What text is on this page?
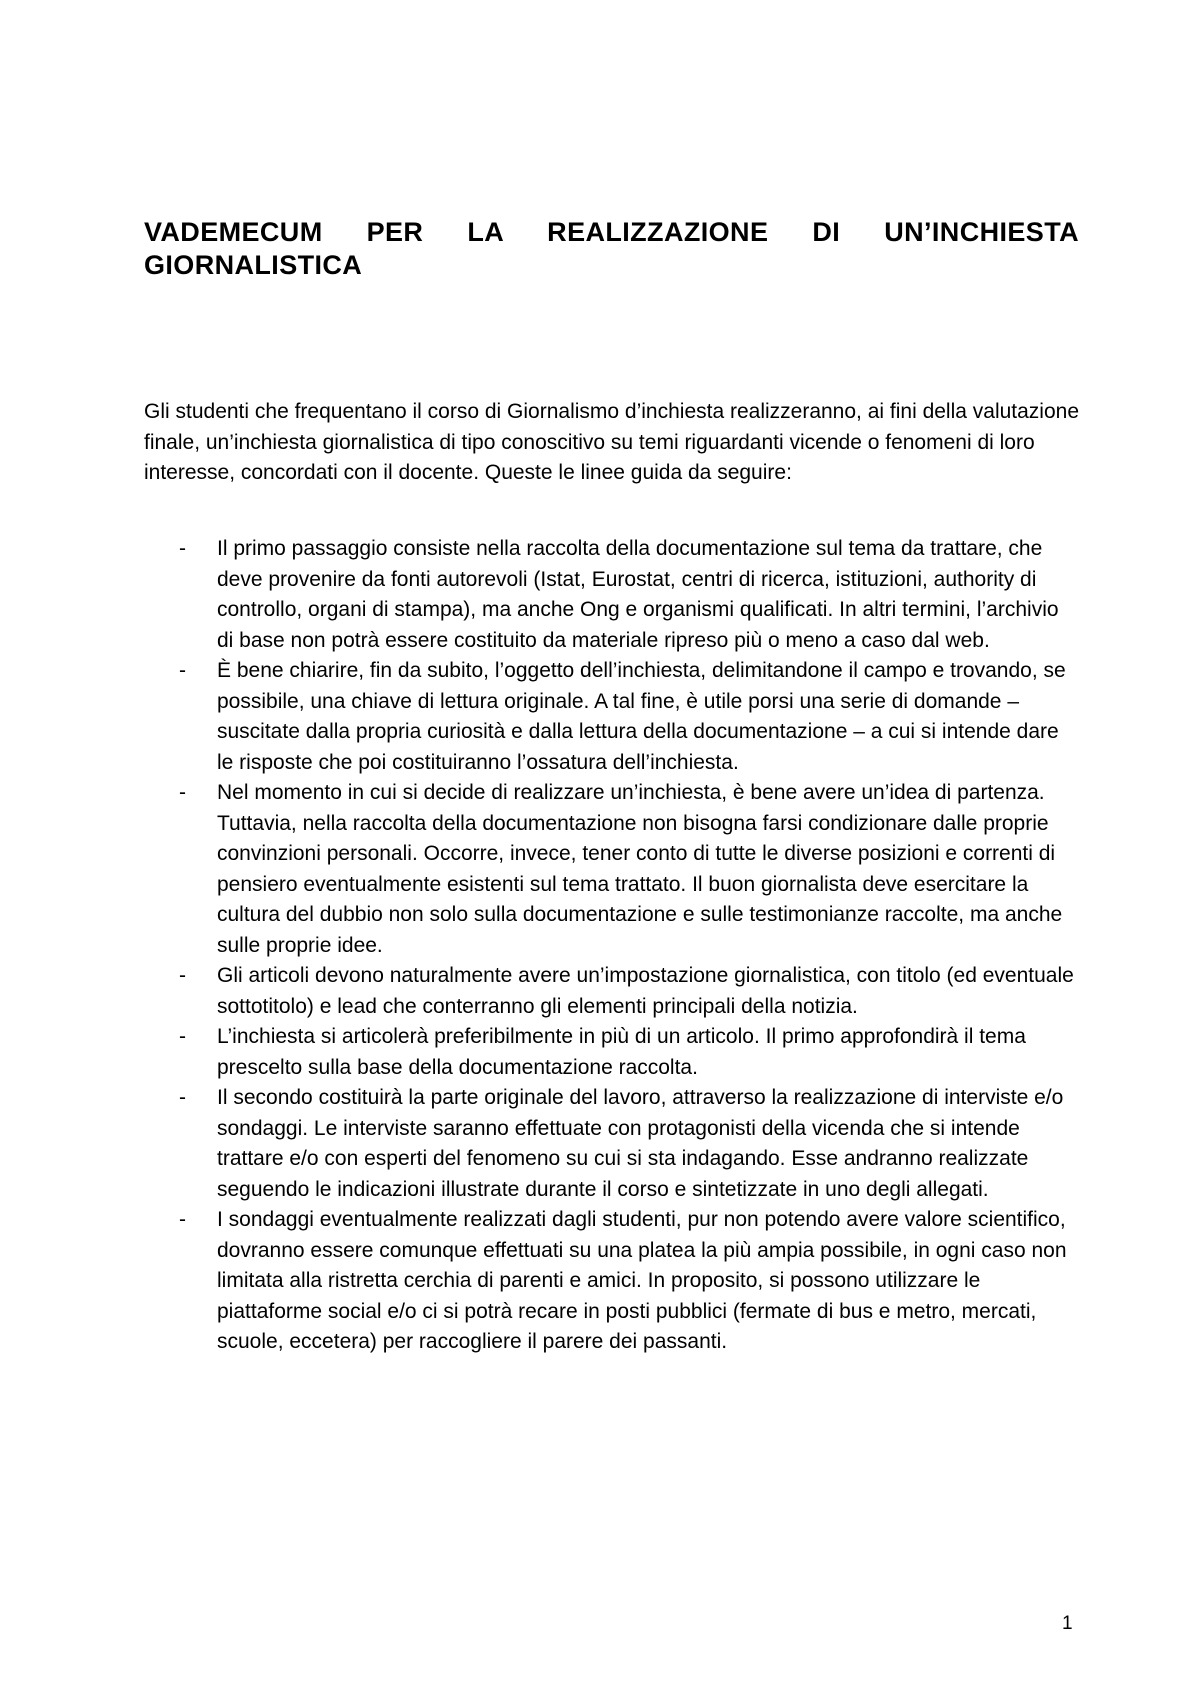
VADEMECUM PER LA REALIZZAZIONE DI UN’INCHIESTA
GIORNALISTICA

Gli studenti che frequentano il corso di Giornalismo d’inchiesta realizzeranno, ai fini della valutazione finale, un’inchiesta giornalistica di tipo conoscitivo su temi riguardanti vicende o fenomeni di loro interesse, concordati con il docente. Queste le linee guida da seguire:

- Il primo passaggio consiste nella raccolta della documentazione sul tema da trattare, che deve provenire da fonti autorevoli (Istat, Eurostat, centri di ricerca, istituzioni, authority di controllo, organi di stampa), ma anche Ong e organismi qualificati. In altri termini, l’archivio di base non potrà essere costituito da materiale ripreso più o meno a caso dal web.
- È bene chiarire, fin da subito, l’oggetto dell’inchiesta, delimitandone il campo e trovando, se possibile, una chiave di lettura originale. A tal fine, è utile porsi una serie di domande – suscitate dalla propria curiosità e dalla lettura della documentazione – a cui si intende dare le risposte che poi costituiranno l’ossatura dell’inchiesta.
- Nel momento in cui si decide di realizzare un’inchiesta, è bene avere un’idea di partenza. Tuttavia, nella raccolta della documentazione non bisogna farsi condizionare dalle proprie convinzioni personali. Occorre, invece, tener conto di tutte le diverse posizioni e correnti di pensiero eventualmente esistenti sul tema trattato. Il buon giornalista deve esercitare la cultura del dubbio non solo sulla documentazione e sulle testimonianze raccolte, ma anche sulle proprie idee.
- Gli articoli devono naturalmente avere un’impostazione giornalistica, con titolo (ed eventuale sottotitolo) e lead che conterranno gli elementi principali della notizia.
- L’inchiesta si articolerà preferibilmente in più di un articolo. Il primo approfondirà il tema prescelto sulla base della documentazione raccolta.
- Il secondo costituirà la parte originale del lavoro, attraverso la realizzazione di interviste e/o sondaggi. Le interviste saranno effettuate con protagonisti della vicenda che si intende trattare e/o con esperti del fenomeno su cui si sta indagando. Esse andranno realizzate seguendo le indicazioni illustrate durante il corso e sintetizzate in uno degli allegati.
- I sondaggi eventualmente realizzati dagli studenti, pur non potendo avere valore scientifico, dovranno essere comunque effettuati su una platea la più ampia possibile, in ogni caso non limitata alla ristretta cerchia di parenti e amici. In proposito, si possono utilizzare le piattaforme social e/o ci si potrà recare in posti pubblici (fermate di bus e metro, mercati, scuole, eccetera) per raccogliere il parere dei passanti.
1
